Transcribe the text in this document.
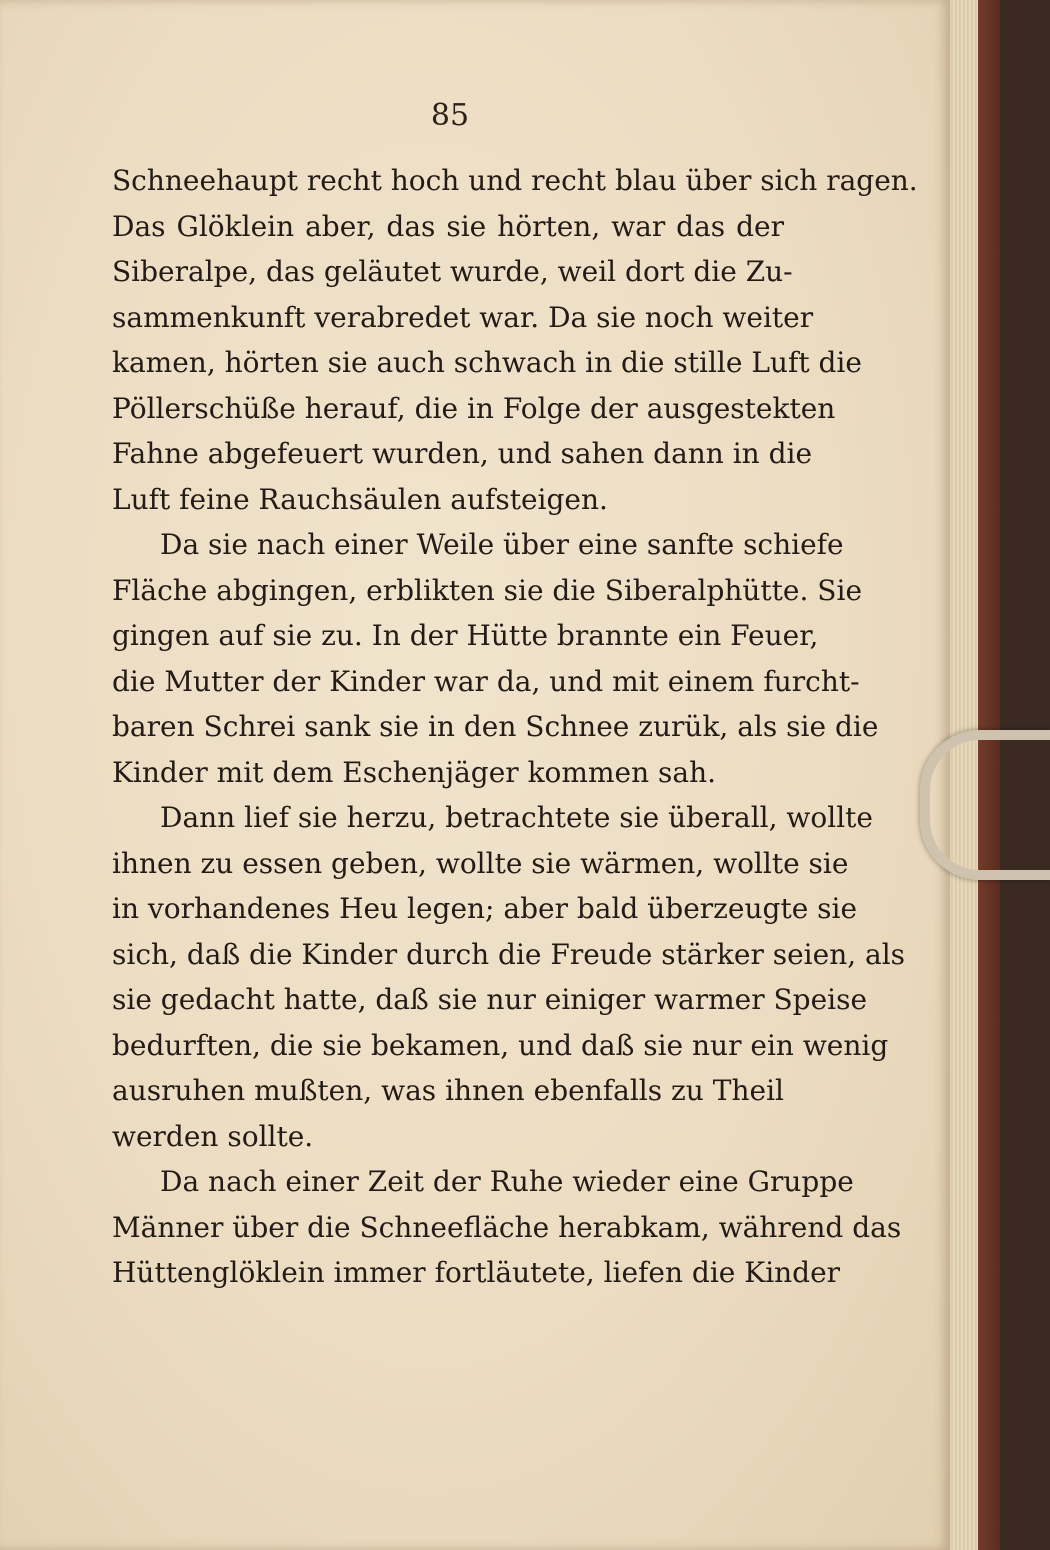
85
Schneehaupt recht hoch und recht blau über sich ragen.
Das Glöklein aber, das sie hörten, war das der
Siberalpe, das geläutet wurde, weil dort die Zu-
sammenkunft verabredet war. Da sie noch weiter
kamen, hörten sie auch schwach in die stille Luft die
Pöllerschüße herauf, die in Folge der ausgestekten
Fahne abgefeuert wurden, und sahen dann in die
Luft feine Rauchsäulen aufsteigen.
Da sie nach einer Weile über eine sanfte schiefe
Fläche abgingen, erblikten sie die Siberalphütte. Sie
gingen auf sie zu. In der Hütte brannte ein Feuer,
die Mutter der Kinder war da, und mit einem furcht-
baren Schrei sank sie in den Schnee zurük, als sie die
Kinder mit dem Eschenjäger kommen sah.
Dann lief sie herzu, betrachtete sie überall, wollte
ihnen zu essen geben, wollte sie wärmen, wollte sie
in vorhandenes Heu legen; aber bald überzeugte sie
sich, daß die Kinder durch die Freude stärker seien, als
sie gedacht hatte, daß sie nur einiger warmer Speise
bedurften, die sie bekamen, und daß sie nur ein wenig
ausruhen mußten, was ihnen ebenfalls zu Theil
werden sollte.
Da nach einer Zeit der Ruhe wieder eine Gruppe
Männer über die Schneefläche herabkam, während das
Hüttenglöklein immer fortläutete, liefen die Kinder
